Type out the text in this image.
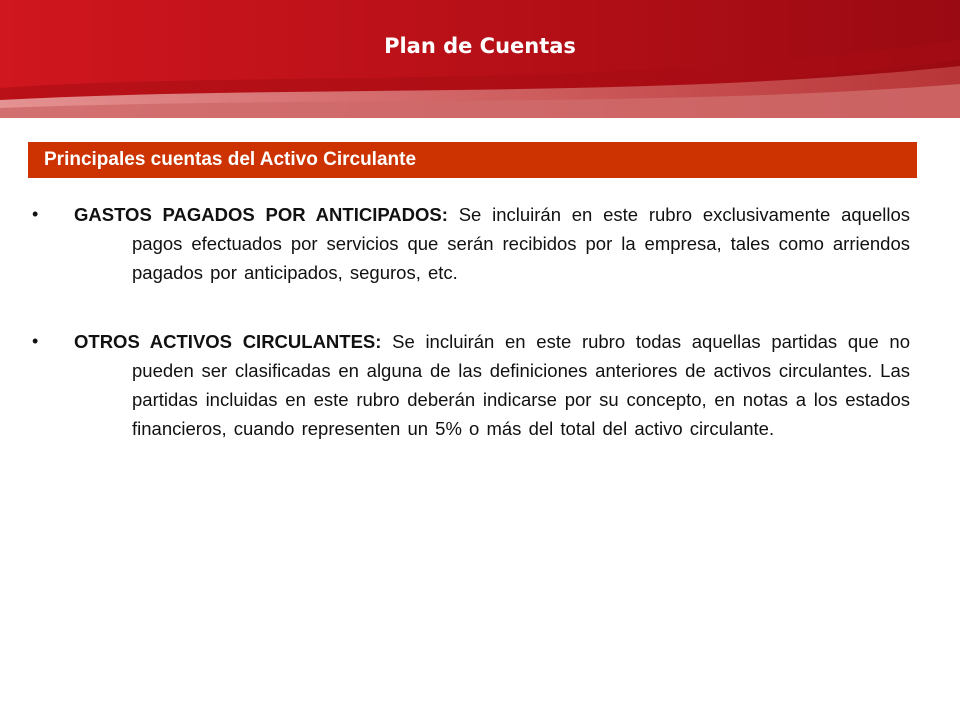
Plan de Cuentas
Principales cuentas del Activo Circulante
• GASTOS PAGADOS POR ANTICIPADOS: Se incluirán en este rubro exclusivamente aquellos pagos efectuados por servicios que serán recibidos por la empresa, tales como arriendos pagados por anticipados, seguros, etc.
• OTROS ACTIVOS CIRCULANTES: Se incluirán en este rubro todas aquellas partidas que no pueden ser clasificadas en alguna de las definiciones anteriores de activos circulantes. Las partidas incluidas en este rubro deberán indicarse por su concepto, en notas a los estados financieros, cuando representen un 5% o más del total del activo circulante.
